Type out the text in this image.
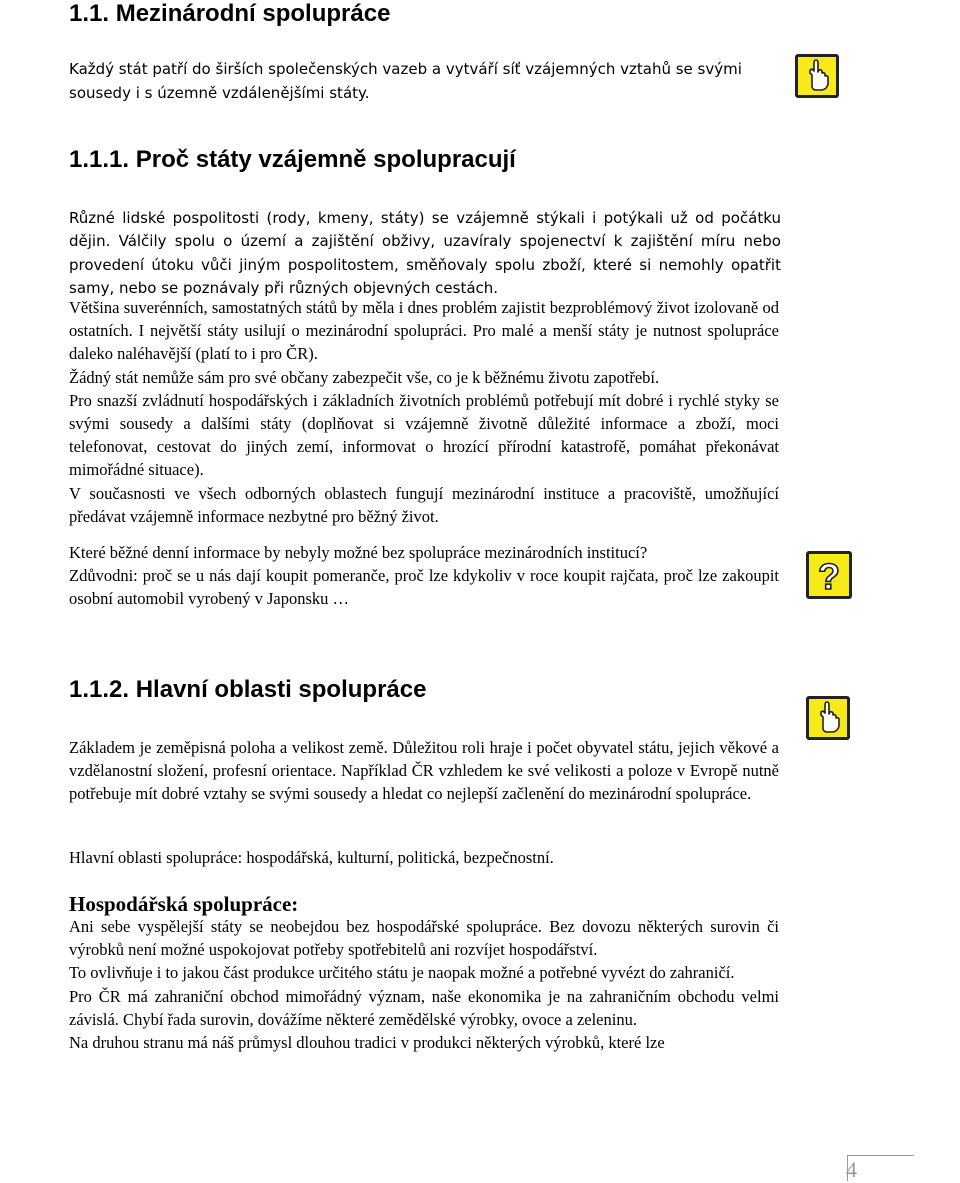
1.1. Mezinárodní spolupráce
Každý stát patří do širších společenských vazeb a vytváří síť vzájemných vztahů se svými
sousedy i s územně vzdálenějšími státy.
1.1.1. Proč státy vzájemně spolupracují

Různé lidské pospolitosti (rody, kmeny, státy) se vzájemně stýkali i potýkali už od počátku dějin. Válčily spolu o území a zajištění obživy, uzavíraly spojenectví k zajištění míru nebo provedení útoku vůči jiným pospolitostem, směňovaly spolu zboží, které si nemohly opatřit samy, nebo se poznávaly při různých objevných cestách.

Většina suverénních, samostatných států by měla i dnes problém zajistit bezproblémový život izolovaně od ostatních. I největší státy usilují o mezinárodní spolupráci. Pro malé a menší státy je nutnost spolupráce daleko naléhavější (platí to i pro ČR).

Žádný stát nemůže sám pro své občany zabezpečit vše, co je k běžnému životu zapotřebí.

Pro snazší zvládnutí hospodářských i základních životních problémů potřebují mít dobré i rychlé styky se svými sousedy a dalšími státy (doplňovat si vzájemně životně důležité informace a zboží, moci telefonovat, cestovat do jiných zemí, informovat o hrozící přírodní katastrofě, pomáhat překonávat mimořádné situace).

V současnosti ve všech odborných oblastech fungují mezinárodní instituce a pracoviště, umožňující předávat vzájemně informace nezbytné pro běžný život.

Které běžné denní informace by nebyly možné bez spolupráce mezinárodních institucí?

Zdůvodni: proč se u nás dají koupit pomeranče, proč lze kdykoliv v roce koupit rajčata, proč lze zakoupit osobní automobil vyrobený v Japonsku …

?
1.1.2. Hlavní oblasti spolupráce

Základem je zeměpisná poloha a velikost země. Důležitou roli hraje i počet obyvatel státu, jejich věkové a vzdělanostní složení, profesní orientace. Například ČR vzhledem ke své velikosti a poloze v Evropě nutně potřebuje mít dobré vztahy se svými sousedy a hledat co nejlepší začlenění do mezinárodní spolupráce.

Hlavní oblasti spolupráce: hospodářská, kulturní, politická, bezpečnostní.

Hospodářská spolupráce:

Ani sebe vyspělejší státy se neobejdou bez hospodářské spolupráce. Bez dovozu některých surovin či výrobků není možné uspokojovat potřeby spotřebitelů ani rozvíjet hospodářství.

To ovlivňuje i to jakou část produkce určitého státu je naopak možné a potřebné vyvézt do zahraničí.

Pro ČR má zahraniční obchod mimořádný význam, naše ekonomika je na zahraničním obchodu velmi závislá. Chybí řada surovin, dovážíme některé zemědělské výrobky, ovoce a zeleninu.

Na druhou stranu má náš průmysl dlouhou tradici v produkci některých výrobků, které lze

4
